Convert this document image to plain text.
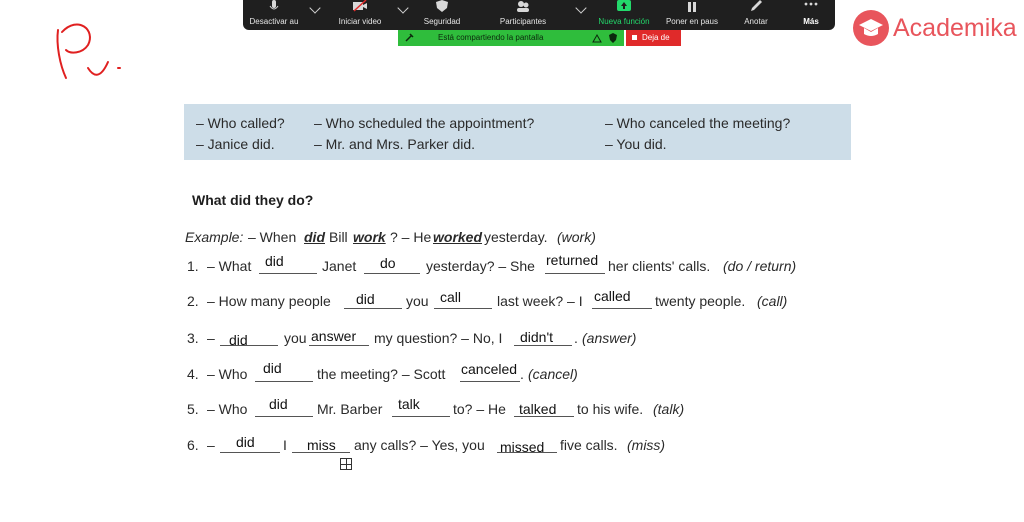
Desactivar au	Iniciar video	Seguridad	Participantes	Nueva función	Poner en paus	Anotar	Más
Está compartiendo la pantalla	Deja de	Academika
– Who called?
– Janice did.
– Who scheduled the appointment?
– Mr. and Mrs. Parker did.
– Who canceled the meeting?
– You did.
What did they do?
Example: – When did Bill work ? – He worked yesterday. (work)
1. – What did	Janet do yesterday? – She returned her clients' calls. (do / return)
2. – How many people did you call	last week? – I called twenty people. (call)
3. – did	you answer my question? – No, I didn't . (answer)
4. – Who did	the meeting? – Scott canceled . (cancel)
5. – Who did Mr. Barber talk to? – He talked to his wife. (talk)
6. – did I miss any calls? – Yes, you missed five calls. (miss)
